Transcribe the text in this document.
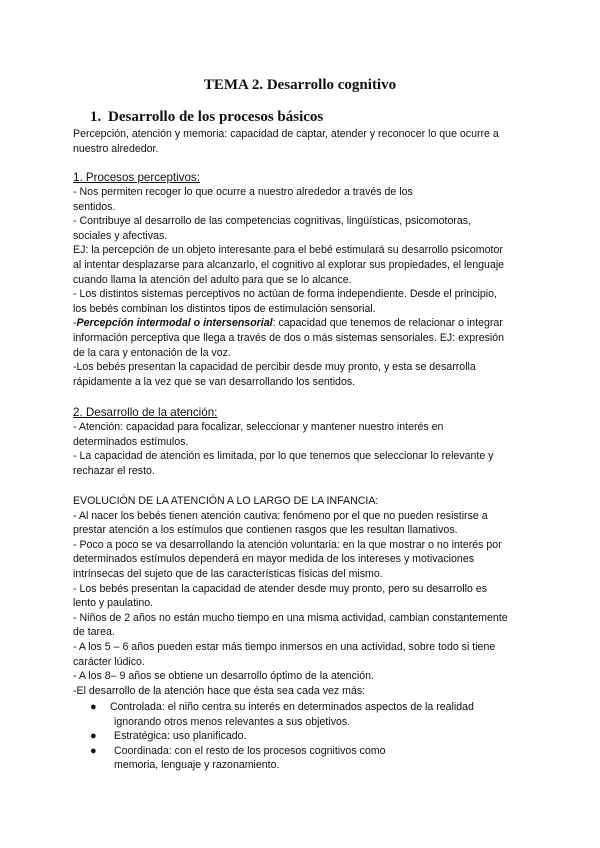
TEMA 2. Desarrollo cognitivo
1. Desarrollo de los procesos básicos
Percepción, atención y memoria: capacidad de captar, atender y reconocer lo que ocurre a
nuestro alrededor.
1. Procesos perceptivos:
- Nos permiten recoger lo que ocurre a nuestro alrededor a través de los
sentidos.
- Contribuye al desarrollo de las competencias cognitivas, lingüísticas, psicomotoras,
sociales y afectivas.
EJ: la percepción de un objeto interesante para el bebé estimulará su desarrollo psicomotor
al intentar desplazarse para alcanzarlo, el cognitivo al explorar sus propiedades, el lenguaje
cuando llama la atención del adulto para que se lo alcance.
- Los distintos sistemas perceptivos no actúan de forma independiente. Desde el principio,
los bebés combinan los distintos tipos de estimulación sensorial.
-Percepción intermodal o intersensorial: capacidad que tenemos de relacionar o integrar
información perceptiva que llega a través de dos o más sistemas sensoriales. EJ: expresión
de la cara y entonación de la voz.
-Los bebés presentan la capacidad de percibir desde muy pronto, y esta se desarrolla
rápidamente a la vez que se van desarrollando los sentidos.
2. Desarrollo de la atención:
- Atención: capacidad para focalizar, seleccionar y mantener nuestro interés en
determinados estímulos.
- La capacidad de atención es limitada, por lo que tenemos que seleccionar lo relevante y
rechazar el resto.
EVOLUCIÓN DE LA ATENCIÓN A LO LARGO DE LA INFANCIA:
- Al nacer los bebés tienen atención cautiva: fenómeno por el que no pueden resistirse a
prestar atención a los estímulos que contienen rasgos que les resultan llamativos.
- Poco a poco se va desarrollando la atención voluntaria: en la que mostrar o no interés por
determinados estímulos dependerá en mayor medida de los intereses y motivaciones
intrínsecas del sujeto que de las características físicas del mismo.
- Los bebés presentan la capacidad de atender desde muy pronto, pero su desarrollo es
lento y paulatino.
- Niños de 2 años no están mucho tiempo en una misma actividad, cambian constantemente
de tarea.
- A los 5 – 6 años pueden estar más tiempo inmersos en una actividad, sobre todo si tiene
carácter lúdico.
- A los 8– 9 años se obtiene un desarrollo óptimo de la atención.
-El desarrollo de la atención hace que ésta sea cada vez más:
● Controlada: el niño centra su interés en determinados aspectos de la realidad
ignorando otros menos relevantes a sus objetivos.
●	Estratégica: uso planificado.
●	Coordinada: con el resto de los procesos cognitivos como
memoria, lenguaje y razonamiento.
